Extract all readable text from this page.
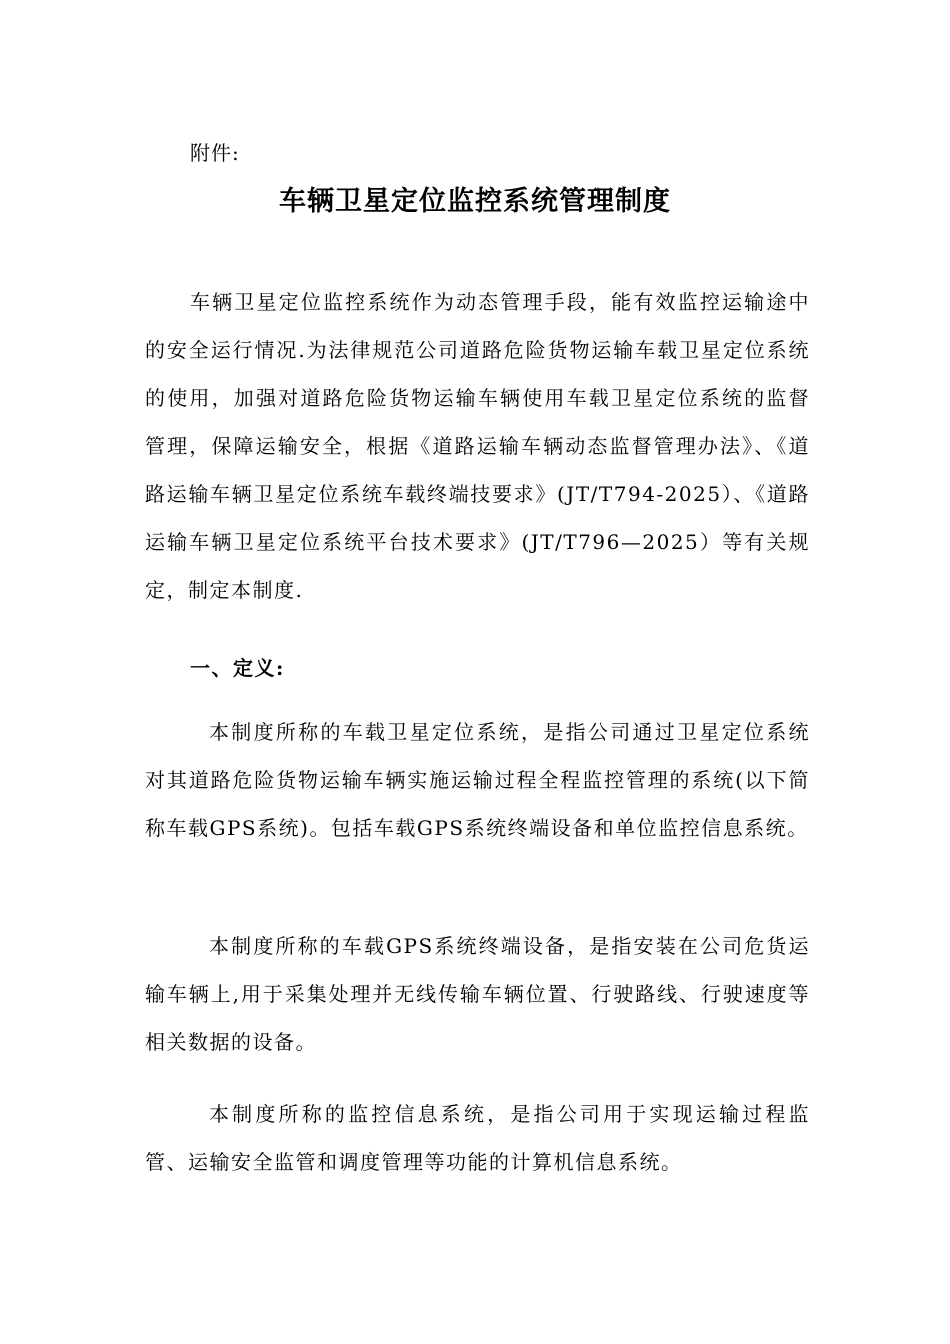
附件:
车辆卫星定位监控系统管理制度
车辆卫星定位监控系统作为动态管理手段，能有效监控运输途中的安全运行情况.为法律规范公司道路危险货物运输车载卫星定位系统的使用，加强对道路危险货物运输车辆使用车载卫星定位系统的监督管理，保障运输安全，根据《道路运输车辆动态监督管理办法》、《道路运输车辆卫星定位系统车载终端技要求》(JT/T794-2025）、《道路运输车辆卫星定位系统平台技术要求》(JT/T796—2025）等有关规定，制定本制度.
一、定义:
本制度所称的车载卫星定位系统，是指公司通过卫星定位系统对其道路危险货物运输车辆实施运输过程全程监控管理的系统(以下简称车载GPS系统)。包括车载GPS系统终端设备和单位监控信息系统。
本制度所称的车载GPS系统终端设备，是指安装在公司危货运输车辆上,用于采集处理并无线传输车辆位置、行驶路线、行驶速度等相关数据的设备。
本制度所称的监控信息系统，是指公司用于实现运输过程监管、运输安全监管和调度管理等功能的计算机信息系统。
